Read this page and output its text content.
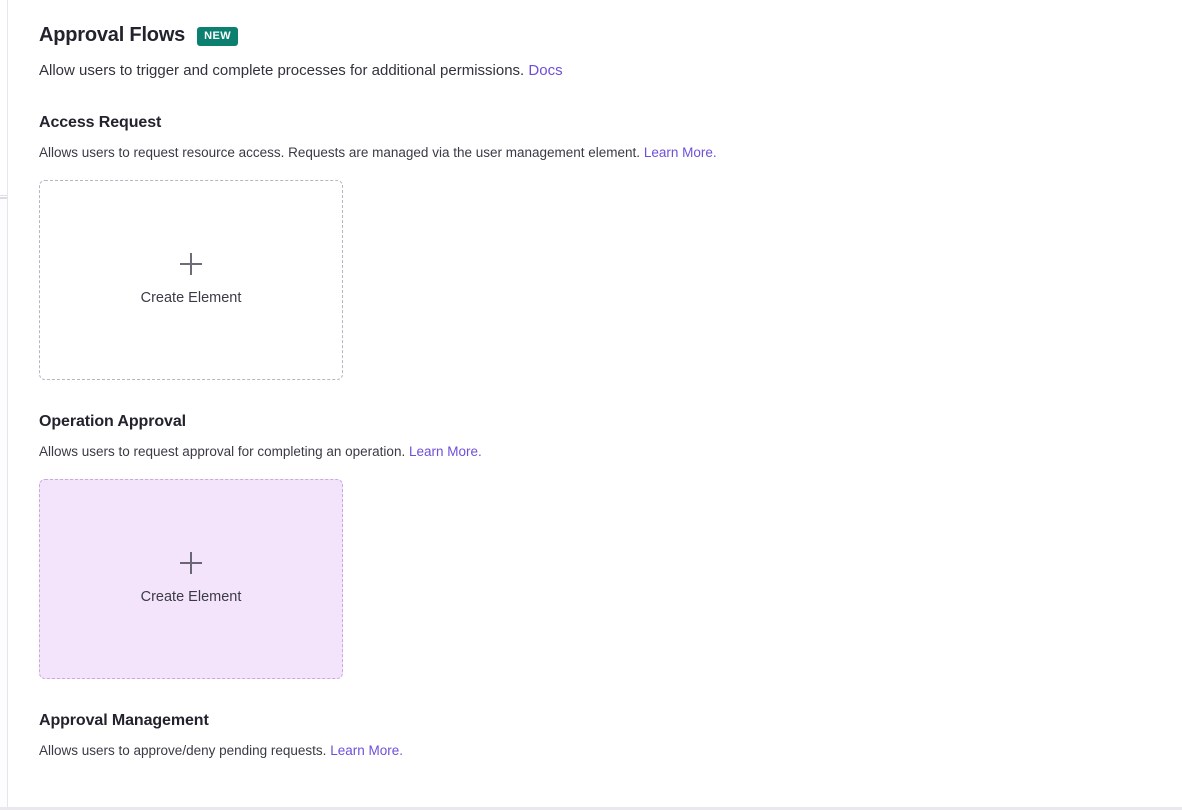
Approval Flows	NEW
Allow users to trigger and complete processes for additional permissions. Docs
Access Request
Allows users to request resource access. Requests are managed via the user management element. Learn More.
Create Element
Operation Approval
Allows users to request approval for completing an operation. Learn More.
Create Element
Approval Management
Allows users to approve/deny pending requests. Learn More.
